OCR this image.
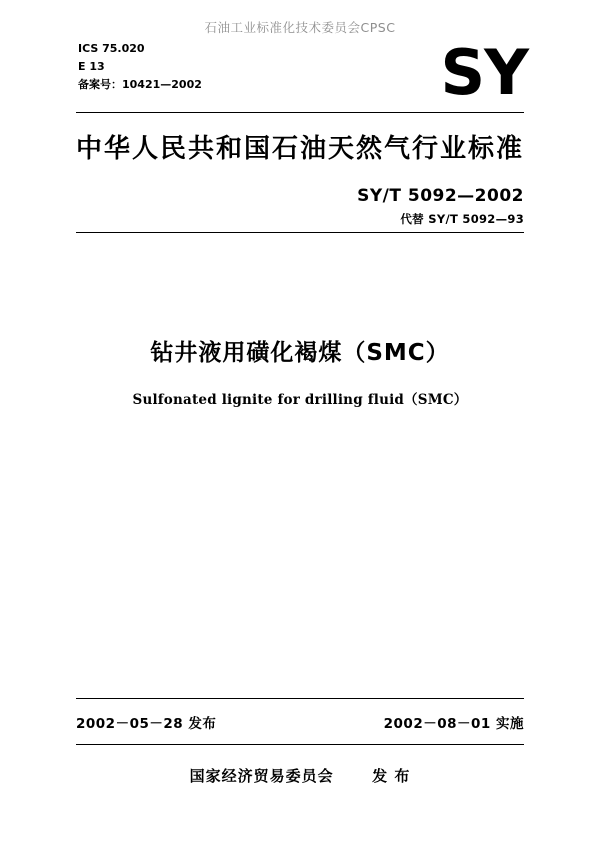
石油工业标准化技术委员会CPSC
ICS 75.020
E 13
备案号：10421—2002	SY
中华人民共和国石油天然气行业标准
SY/T 5092—2002
代替 SY/T 5092—93
钻井液用磺化褐煤（SMC）
Sulfonated lignite for drilling fluid（SMC）
2002－05－28 发布	2002－08－01 实施
国家经济贸易委员会	发 布
